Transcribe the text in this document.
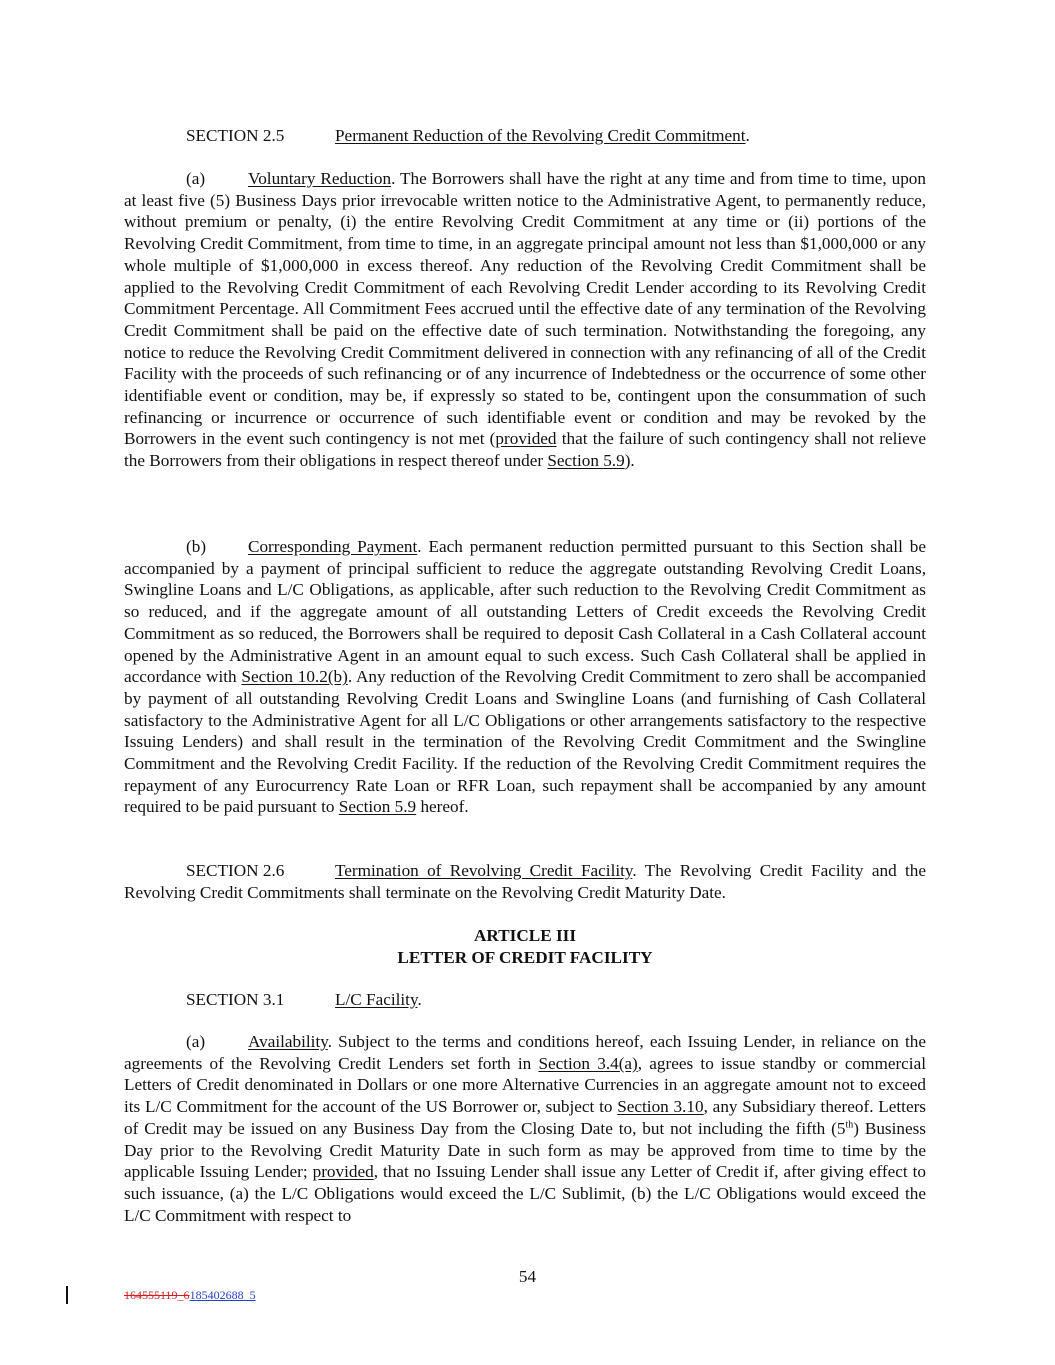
SECTION 2.5	Permanent Reduction of the Revolving Credit Commitment.

(a) Voluntary Reduction. The Borrowers shall have the right at any time and from time to time, upon at least five (5) Business Days prior irrevocable written notice to the Administrative Agent, to permanently reduce, without premium or penalty, (i) the entire Revolving Credit Commitment at any time or (ii) portions of the Revolving Credit Commitment, from time to time, in an aggregate principal amount not less than $1,000,000 or any whole multiple of $1,000,000 in excess thereof. Any reduction of the Revolving Credit Commitment shall be applied to the Revolving Credit Commitment of each Revolving Credit Lender according to its Revolving Credit Commitment Percentage. All Commitment Fees accrued until the effective date of any termination of the Revolving Credit Commitment shall be paid on the effective date of such termination. Notwithstanding the foregoing, any notice to reduce the Revolving Credit Commitment delivered in connection with any refinancing of all of the Credit Facility with the proceeds of such refinancing or of any incurrence of Indebtedness or the occurrence of some other identifiable event or condition, may be, if expressly so stated to be, contingent upon the consummation of such refinancing or incurrence or occurrence of such identifiable event or condition and may be revoked by the Borrowers in the event such contingency is not met (provided that the failure of such contingency shall not relieve the Borrowers from their obligations in respect thereof under Section 5.9).

(b) Corresponding Payment. Each permanent reduction permitted pursuant to this Section shall be accompanied by a payment of principal sufficient to reduce the aggregate outstanding Revolving Credit Loans, Swingline Loans and L/C Obligations, as applicable, after such reduction to the Revolving Credit Commitment as so reduced, and if the aggregate amount of all outstanding Letters of Credit exceeds the Revolving Credit Commitment as so reduced, the Borrowers shall be required to deposit Cash Collateral in a Cash Collateral account opened by the Administrative Agent in an amount equal to such excess. Such Cash Collateral shall be applied in accordance with Section 10.2(b). Any reduction of the Revolving Credit Commitment to zero shall be accompanied by payment of all outstanding Revolving Credit Loans and Swingline Loans (and furnishing of Cash Collateral satisfactory to the Administrative Agent for all L/C Obligations or other arrangements satisfactory to the respective Issuing Lenders) and shall result in the termination of the Revolving Credit Commitment and the Swingline Commitment and the Revolving Credit Facility. If the reduction of the Revolving Credit Commitment requires the repayment of any Eurocurrency Rate Loan or RFR Loan, such repayment shall be accompanied by any amount required to be paid pursuant to Section 5.9 hereof.

SECTION 2.6	Termination of Revolving Credit Facility. The Revolving Credit Facility and the Revolving Credit Commitments shall terminate on the Revolving Credit Maturity Date.

ARTICLE III
LETTER OF CREDIT FACILITY

SECTION 3.1	L/C Facility.

(a) Availability. Subject to the terms and conditions hereof, each Issuing Lender, in reliance on the agreements of the Revolving Credit Lenders set forth in Section 3.4(a), agrees to issue standby or commercial Letters of Credit denominated in Dollars or one more Alternative Currencies in an aggregate amount not to exceed its L/C Commitment for the account of the US Borrower or, subject to Section 3.10, any Subsidiary thereof. Letters of Credit may be issued on any Business Day from the Closing Date to, but not including the fifth (5th) Business Day prior to the Revolving Credit Maturity Date in such form as may be approved from time to time by the applicable Issuing Lender; provided, that no Issuing Lender shall issue any Letter of Credit if, after giving effect to such issuance, (a) the L/C Obligations would exceed the L/C Sublimit, (b) the L/C Obligations would exceed the L/C Commitment with respect to

54
164555119_6185402688_5
